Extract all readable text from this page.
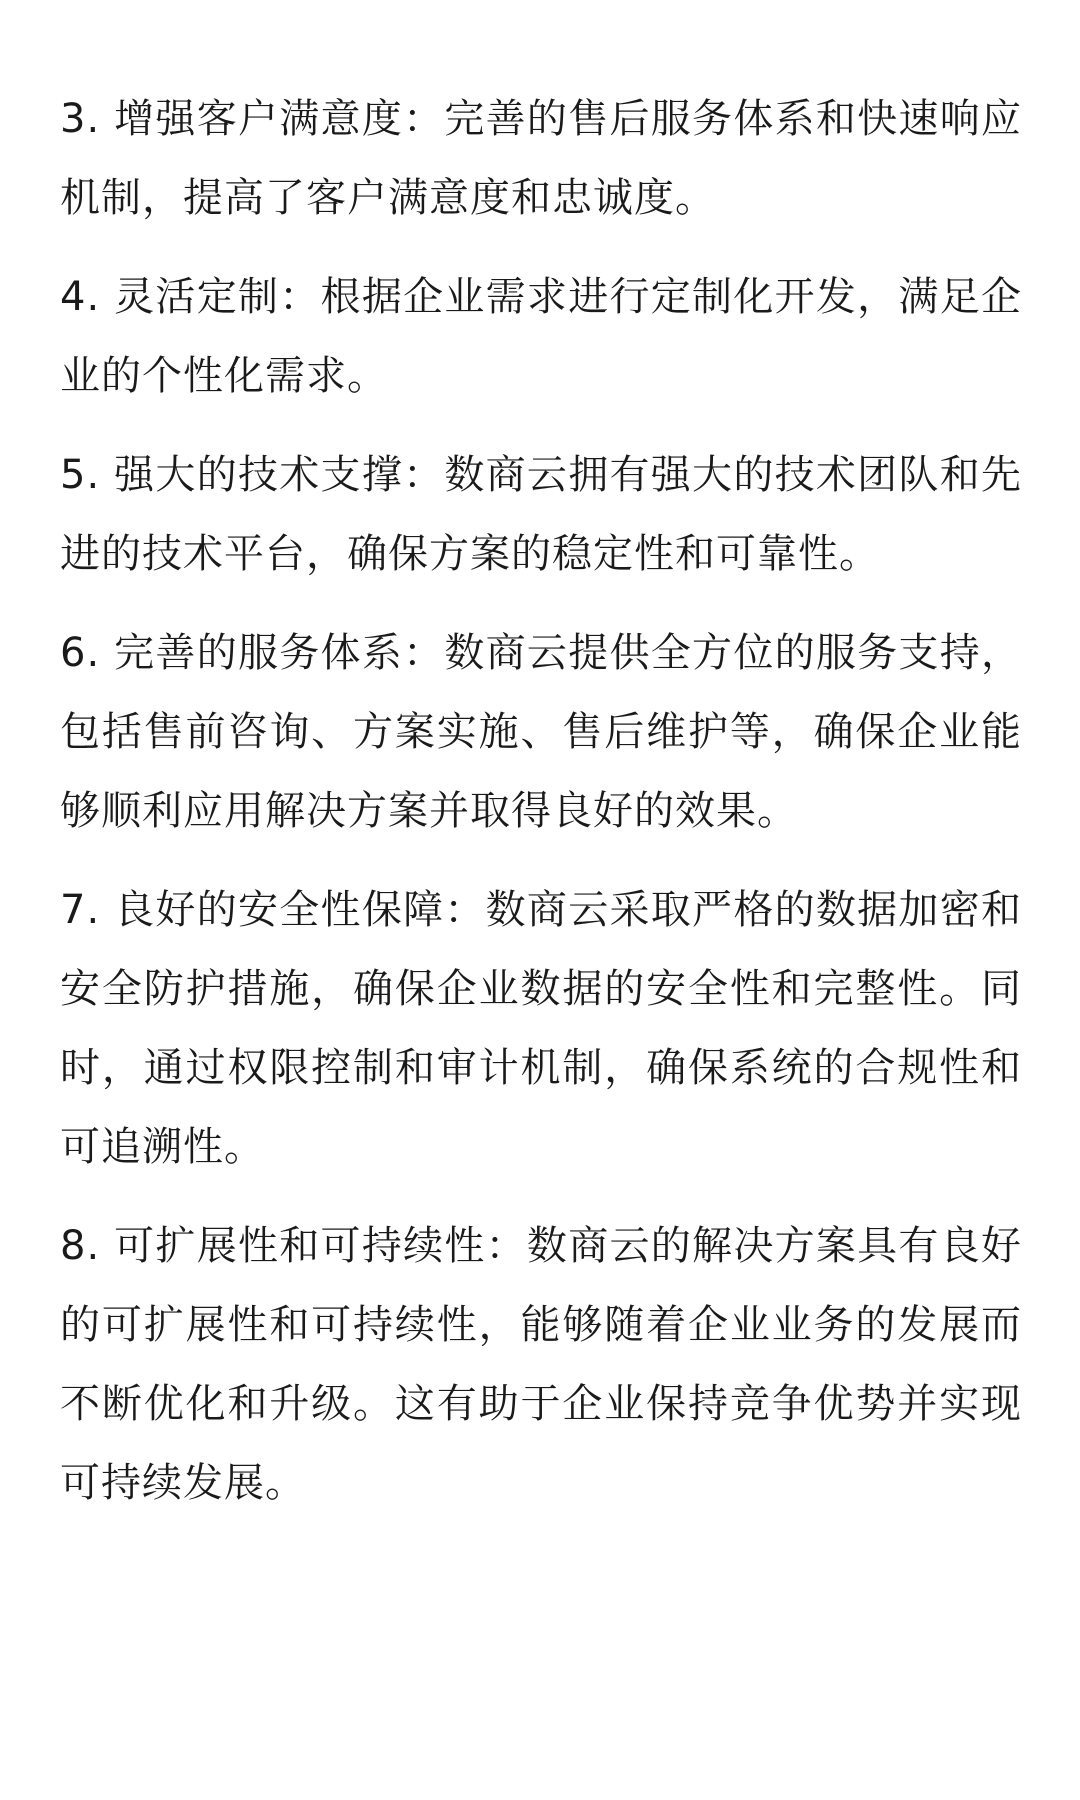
3. 增强客户满意度：完善的售后服务体系和快速响应机制，提高了客户满意度和忠诚度。

4. 灵活定制：根据企业需求进行定制化开发，满足企业的个性化需求。

5. 强大的技术支撑：数商云拥有强大的技术团队和先进的技术平台，确保方案的稳定性和可靠性。

6. 完善的服务体系：数商云提供全方位的服务支持，包括售前咨询、方案实施、售后维护等，确保企业能够顺利应用解决方案并取得良好的效果。

7. 良好的安全性保障：数商云采取严格的数据加密和安全防护措施，确保企业数据的安全性和完整性。同时，通过权限控制和审计机制，确保系统的合规性和可追溯性。

8. 可扩展性和可持续性：数商云的解决方案具有良好的可扩展性和可持续性，能够随着企业业务的发展而不断优化和升级。这有助于企业保持竞争优势并实现可持续发展。
